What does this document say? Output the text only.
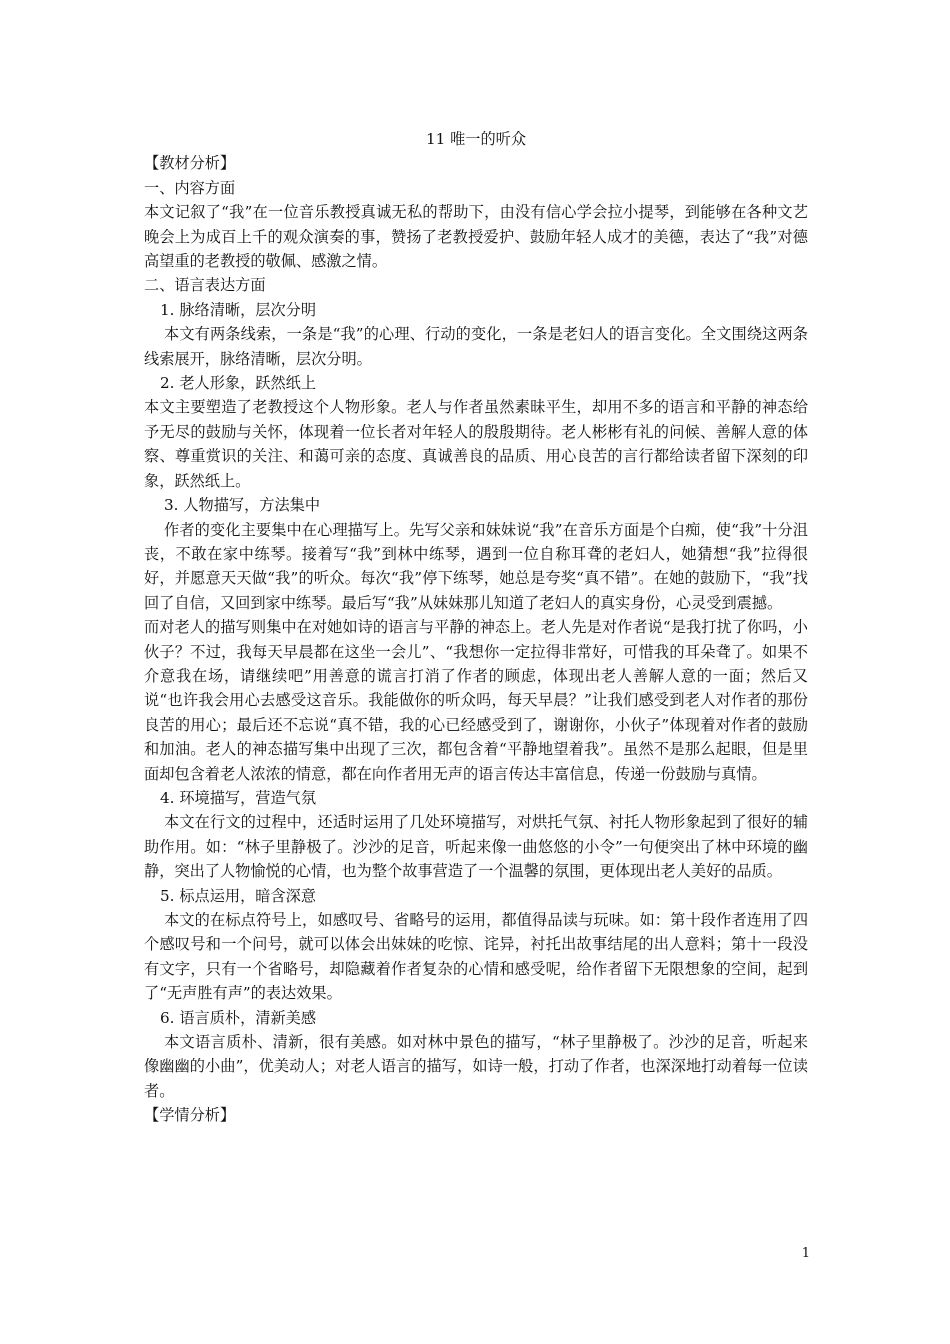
11 唯一的听众

【教材分析】

一、内容方面

本文记叙了“我”在一位音乐教授真诚无私的帮助下，由没有信心学会拉小提琴，到能够在各种文艺晚会上为成百上千的观众演奏的事，赞扬了老教授爱护、鼓励年轻人成才的美德，表达了“我”对德高望重的老教授的敬佩、感激之情。

二、语言表达方面

1. 脉络清晰，层次分明

本文有两条线索，一条是“我”的心理、行动的变化，一条是老妇人的语言变化。全文围绕这两条线索展开，脉络清晰，层次分明。

2. 老人形象，跃然纸上

本文主要塑造了老教授这个人物形象。老人与作者虽然素昧平生，却用不多的语言和平静的神态给予无尽的鼓励与关怀，体现着一位长者对年轻人的殷殷期待。老人彬彬有礼的问候、善解人意的体察、尊重赏识的关注、和蔼可亲的态度、真诚善良的品质、用心良苦的言行都给读者留下深刻的印象，跃然纸上。

3. 人物描写，方法集中

作者的变化主要集中在心理描写上。先写父亲和妹妹说“我”在音乐方面是个白痴，使“我”十分沮丧，不敢在家中练琴。接着写“我”到林中练琴，遇到一位自称耳聋的老妇人，她猜想“我”拉得很好，并愿意天天做“我”的听众。每次“我”停下练琴，她总是夸奖“真不错”。在她的鼓励下，“我”找回了自信，又回到家中练琴。最后写“我”从妹妹那儿知道了老妇人的真实身份，心灵受到震撼。

而对老人的描写则集中在对她如诗的语言与平静的神态上。老人先是对作者说“是我打扰了你吗，小伙子？不过，我每天早晨都在这坐一会儿”、“我想你一定拉得非常好，可惜我的耳朵聋了。如果不介意我在场，请继续吧”用善意的谎言打消了作者的顾虑，体现出老人善解人意的一面；然后又说“也许我会用心去感受这音乐。我能做你的听众吗，每天早晨？”让我们感受到老人对作者的那份良苦的用心；最后还不忘说“真不错，我的心已经感受到了，谢谢你，小伙子”体现着对作者的鼓励和加油。老人的神态描写集中出现了三次，都包含着“平静地望着我”。虽然不是那么起眼，但是里面却包含着老人浓浓的情意，都在向作者用无声的语言传达丰富信息，传递一份鼓励与真情。

4. 环境描写，营造气氛

本文在行文的过程中，还适时运用了几处环境描写，对烘托气氛、衬托人物形象起到了很好的辅助作用。如：“林子里静极了。沙沙的足音，听起来像一曲悠悠的小令”一句便突出了林中环境的幽静，突出了人物愉悦的心情，也为整个故事营造了一个温馨的氛围，更体现出老人美好的品质。

5. 标点运用，暗含深意

本文的在标点符号上，如感叹号、省略号的运用，都值得品读与玩味。如：第十段作者连用了四个感叹号和一个问号，就可以体会出妹妹的吃惊、诧异，衬托出故事结尾的出人意料；第十一段没有文字，只有一个省略号，却隐藏着作者复杂的心情和感受呢，给作者留下无限想象的空间，起到了“无声胜有声”的表达效果。

6. 语言质朴，清新美感

本文语言质朴、清新，很有美感。如对林中景色的描写，“林子里静极了。沙沙的足音，听起来像幽幽的小曲”，优美动人；对老人语言的描写，如诗一般，打动了作者，也深深地打动着每一位读者。

【学情分析】

1
